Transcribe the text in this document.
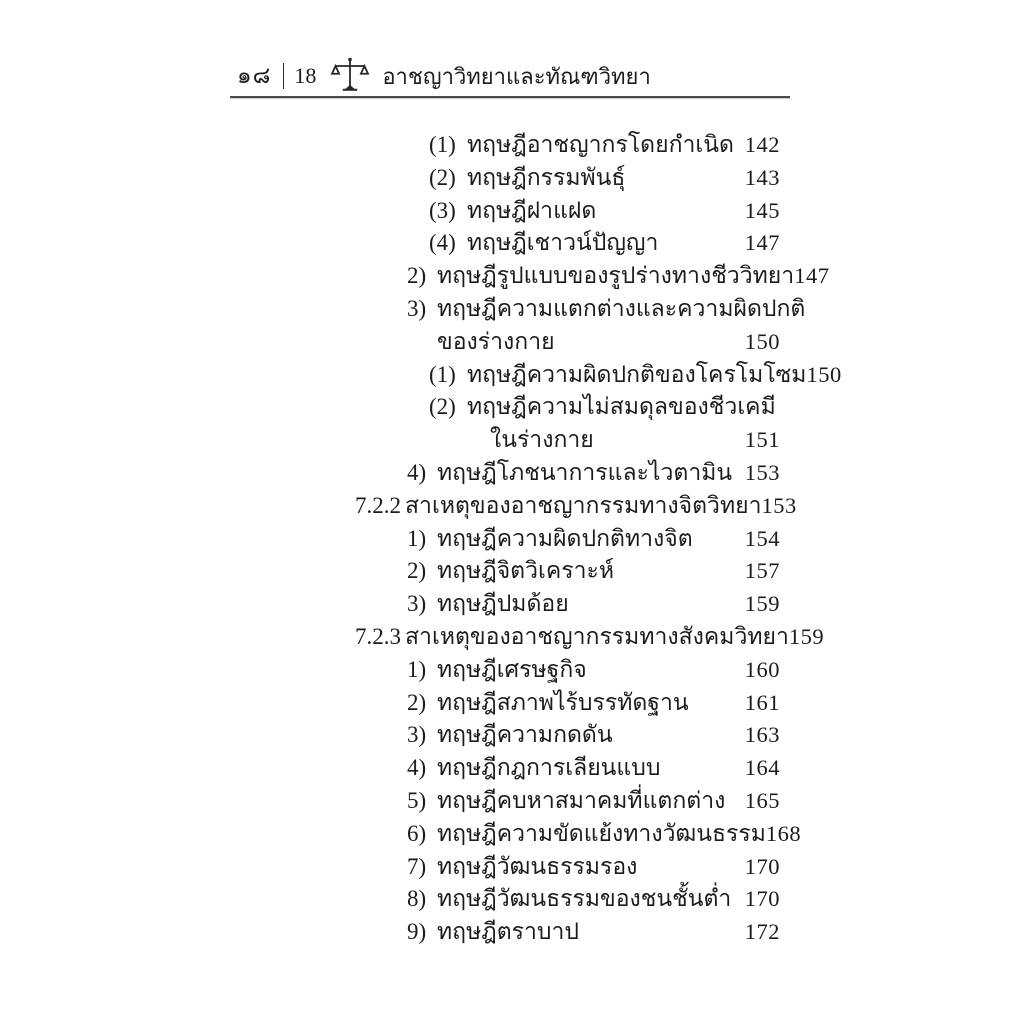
๑๘ 18	อาชญาวิทยาและทัณฑวิทยา
(1) ทฤษฎีอาชญากรโดยกำเนิด 142
(2) ทฤษฎีกรรมพันธุ์	143
(3) ทฤษฎีฝาแฝด	145
(4) ทฤษฎีเชาวน์ปัญญา	147
2) ทฤษฎีรูปแบบของรูปร่างทางชีววิทยา 147
3) ทฤษฎีความแตกต่างและความผิดปกติ
ของร่างกาย	150
(1) ทฤษฎีความผิดปกติของโครโมโซม 150
(2) ทฤษฎีความไม่สมดุลของชีวเคมี
ในร่างกาย	151
4) ทฤษฎีโภชนาการและไวตามิน 153
7.2.2 สาเหตุของอาชญากรรมทางจิตวิทยา 153
1) ทฤษฎีความผิดปกติทางจิต 154
2) ทฤษฎีจิตวิเคราะห์	157
3) ทฤษฎีปมด้อย	159
7.2.3 สาเหตุของอาชญากรรมทางสังคมวิทยา 159
1) ทฤษฎีเศรษฐกิจ	160
2) ทฤษฎีสภาพไร้บรรทัดฐาน 161
3) ทฤษฎีความกดดัน	163
4) ทฤษฎีกฎการเลียนแบบ	164
5) ทฤษฎีคบหาสมาคมที่แตกต่าง 165
6) ทฤษฎีความขัดแย้งทางวัฒนธรรม 168
7) ทฤษฎีวัฒนธรรมรอง	170
8) ทฤษฎีวัฒนธรรมของชนชั้นต่ำ 170
9) ทฤษฎีตราบาป	172
